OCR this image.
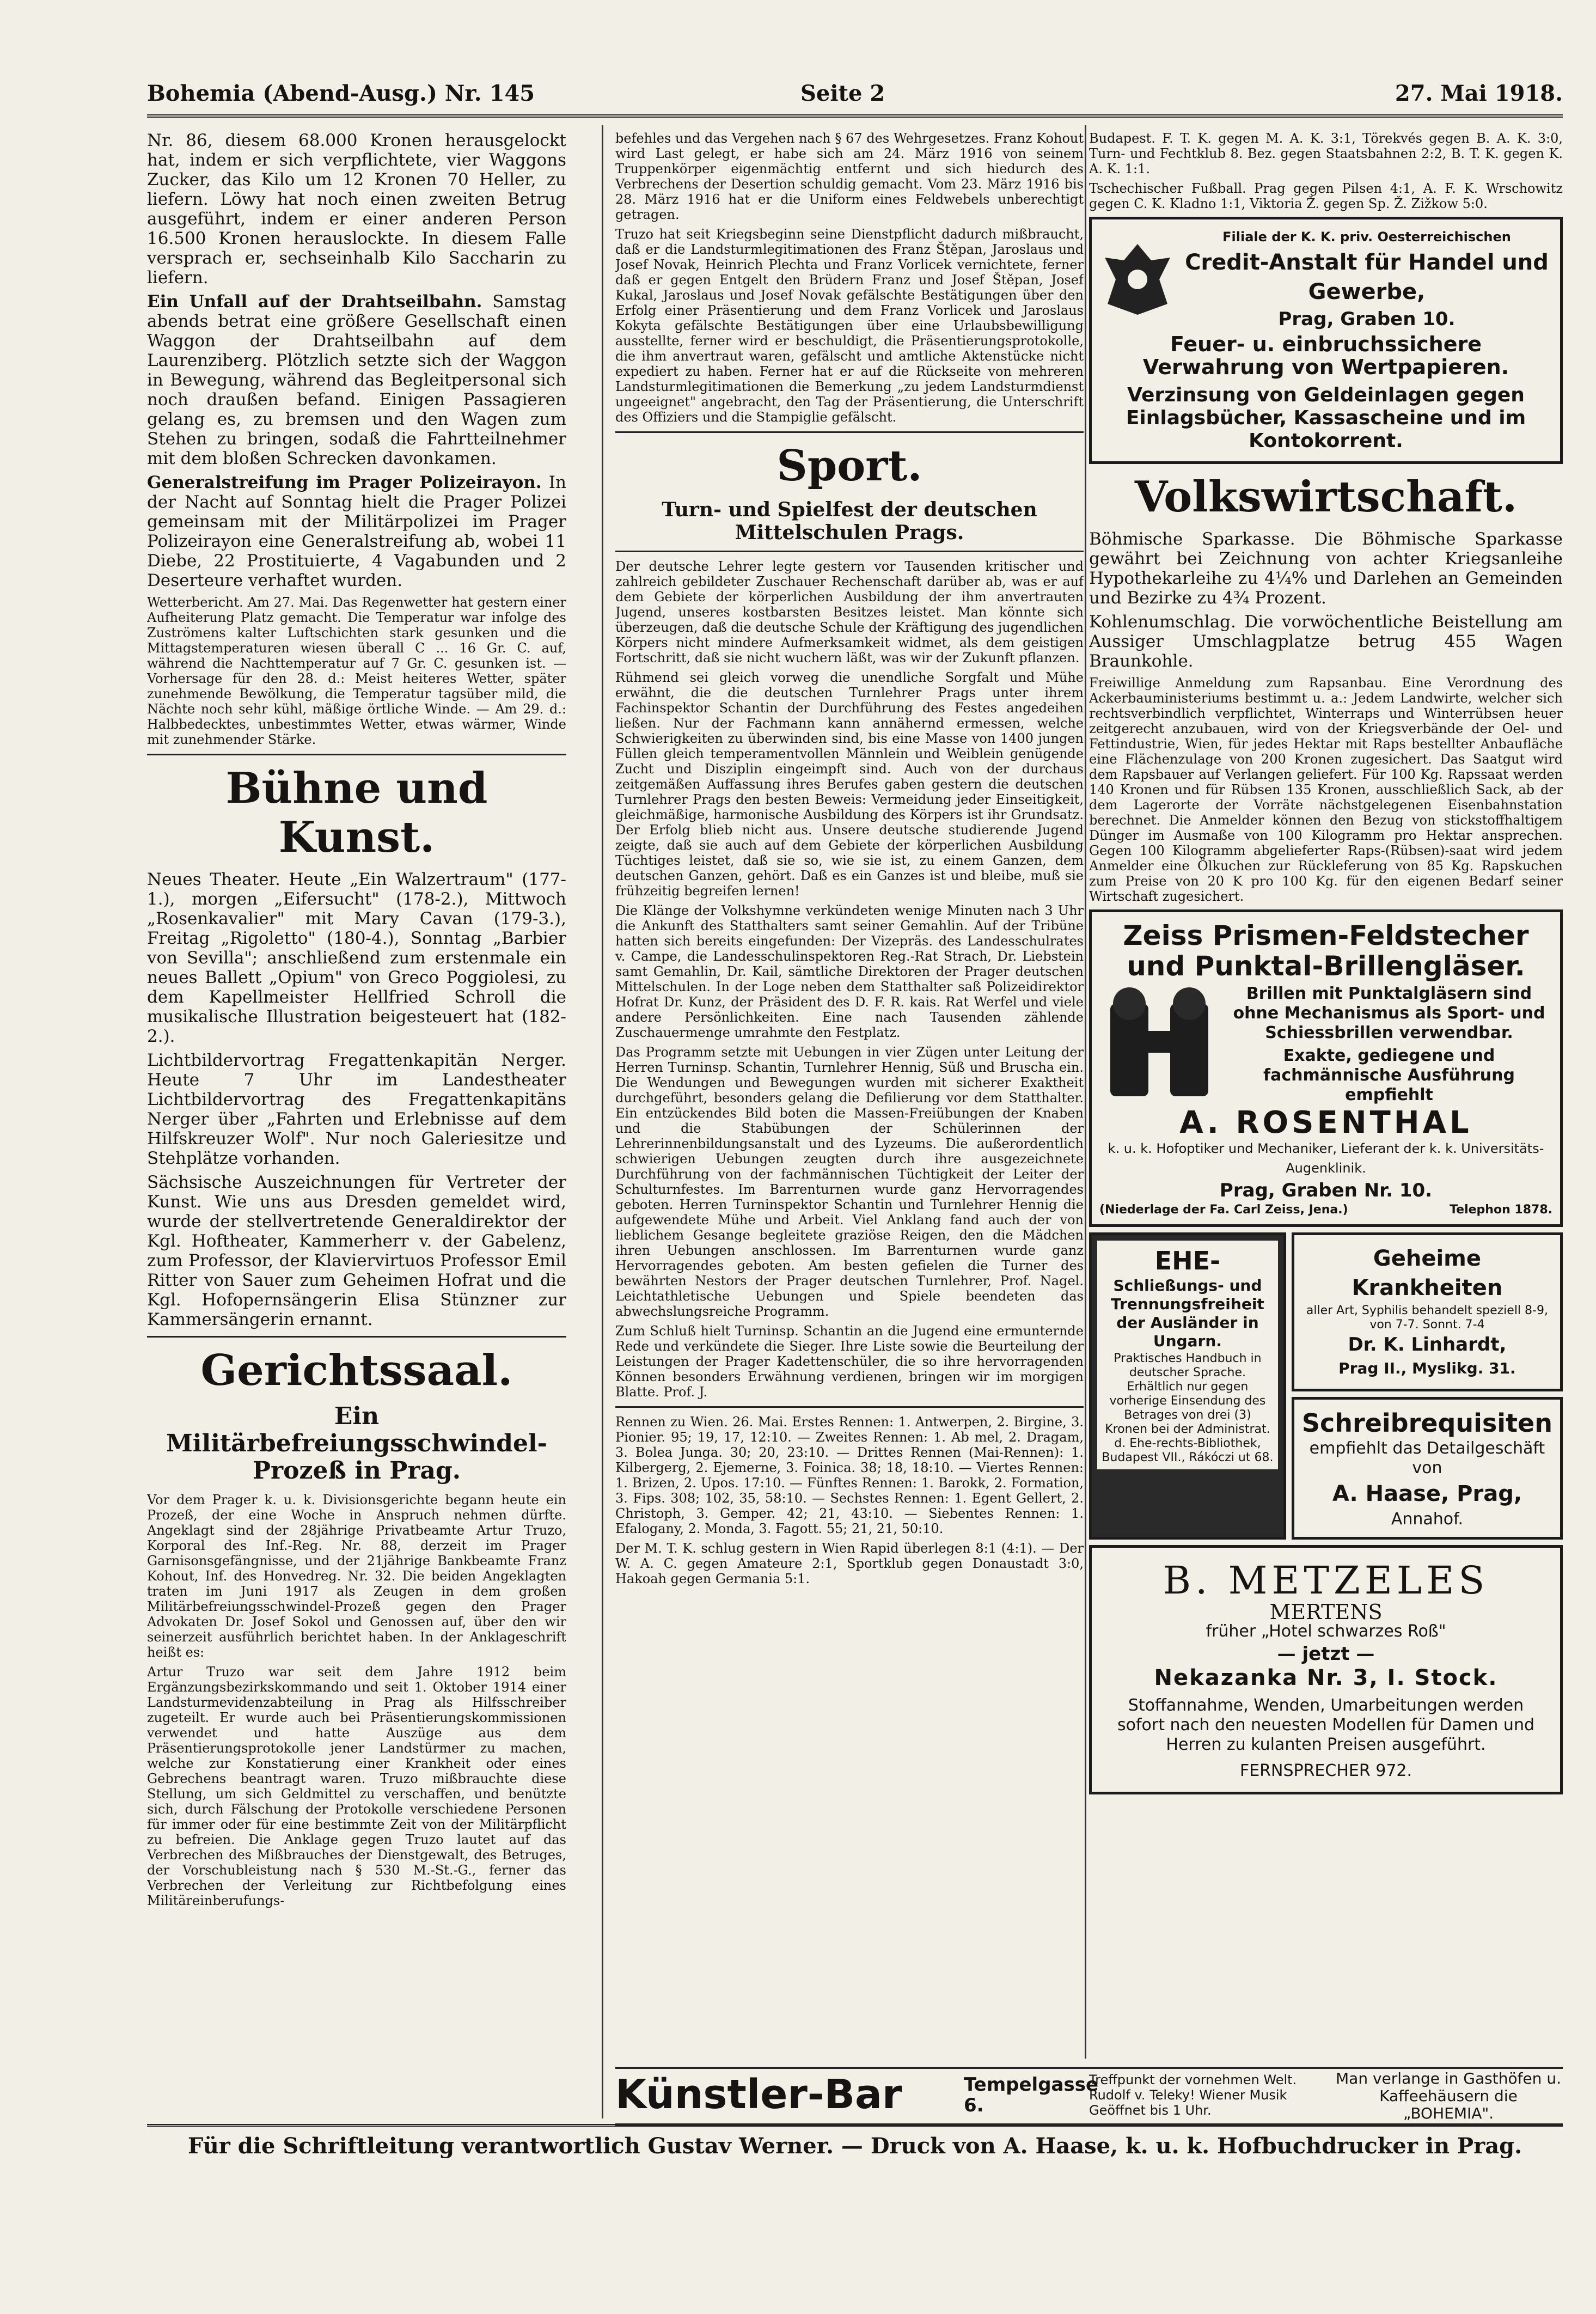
Bohemia (Abend-Ausg.) Nr. 145	Seite 2	27. Mai 1918.

Nr. 86, diesem 68.000 Kronen herausgelockt hat, indem er sich verpflichtete, vier Waggons Zucker, das Kilo um 12 Kronen 70 Heller, zu liefern. Löwy hat noch einen zweiten Betrug ausgeführt, indem er einer anderen Person 16.500 Kronen herauslockte. In diesem Falle versprach er, sechseinhalb Kilo Saccharin zu liefern.

Ein Unfall auf der Drahtseilbahn. Samstag abends betrat eine größere Gesellschaft einen Waggon der Drahtseilbahn auf dem Laurenziberg. Plötzlich setzte sich der Waggon in Bewegung, während das Begleitpersonal sich noch draußen befand. Einigen Passagieren gelang es, zu bremsen und den Wagen zum Stehen zu bringen, sodaß die Fahrtteilnehmer mit dem bloßen Schrecken davonkamen.

Generalstreifung im Prager Polizeirayon. In der Nacht auf Sonntag hielt die Prager Polizei gemeinsam mit der Militärpolizei im Prager Polizeirayon eine Generalstreifung ab, wobei 11 Diebe, 22 Prostituierte, 4 Vagabunden und 2 Deserteure verhaftet wurden.

Wetterbericht. Am 27. Mai. Das Regenwetter hat gestern einer Aufheiterung Platz gemacht. Die Temperatur war infolge des Zuströmens kalter Luftschichten stark gesunken und die Mittagstemperaturen wiesen überall C ... 16 Gr. C. auf, während die Nachttemperatur auf 7 Gr. C. gesunken ist. — Vorhersage für den 28. d.: Meist heiteres Wetter, später zunehmende Bewölkung, die Temperatur tagsüber mild, die Nächte noch sehr kühl, mäßige örtliche Winde. — Am 29. d.: Halbbedecktes, unbestimmtes Wetter, etwas wärmer, Winde mit zunehmender Stärke.

Bühne und Kunst.

Neues Theater. Heute „Ein Walzertraum" (177-1.), morgen „Eifersucht" (178-2.), Mittwoch „Rosenkavalier" mit Mary Cavan (179-3.), Freitag „Rigoletto" (180-4.), Sonntag „Barbier von Sevilla"; anschließend zum erstenmale ein neues Ballett „Opium" von Greco Poggiolesi, zu dem Kapellmeister Hellfried Schroll die musikalische Illustration beigesteuert hat (182-2.).

Lichtbildervortrag Fregattenkapitän Nerger. Heute 7 Uhr im Landestheater Lichtbildervortrag des Fregattenkapitäns Nerger über „Fahrten und Erlebnisse auf dem Hilfskreuzer Wolf". Nur noch Galeriesitze und Stehplätze vorhanden.

Sächsische Auszeichnungen für Vertreter der Kunst. Wie uns aus Dresden gemeldet wird, wurde der stellvertretende Generaldirektor der Kgl. Hoftheater, Kammerherr v. der Gabelenz, zum Professor, der Klaviervirtuos Professor Emil Ritter von Sauer zum Geheimen Hofrat und die Kgl. Hofopernsängerin Elisa Stünzner zur Kammersängerin ernannt.

Gerichtssaal.
Ein Militärbefreiungsschwindel-Prozeß in Prag.

Vor dem Prager k. u. k. Divisionsgerichte begann heute ein Prozeß, der eine Woche in Anspruch nehmen dürfte. Angeklagt sind der 28jährige Privatbeamte Artur Truzo, Korporal des Inf.-Reg. Nr. 88, derzeit im Prager Garnisonsgefängnisse, und der 21jährige Bankbeamte Franz Kohout, Inf. des Honvedreg. Nr. 32. Die beiden Angeklagten traten im Juni 1917 als Zeugen in dem großen Militärbefreiungsschwindel-Prozeß gegen den Prager Advokaten Dr. Josef Sokol und Genossen auf, über den wir seinerzeit ausführlich berichtet haben. In der Anklageschrift heißt es:

Artur Truzo war seit dem Jahre 1912 beim Ergänzungsbezirkskommando und seit 1. Oktober 1914 einer Landsturmevidenzabteilung in Prag als Hilfsschreiber zugeteilt. Er wurde auch bei Präsentierungskommissionen verwendet und hatte Auszüge aus dem Präsentierungsprotokolle jener Landstürmer zu machen, welche zur Konstatierung einer Krankheit oder eines Gebrechens beantragt waren. Truzo mißbrauchte diese Stellung, um sich Geldmittel zu verschaffen, und benützte sich, durch Fälschung der Protokolle verschiedene Personen für immer oder für eine bestimmte Zeit von der Militärpflicht zu befreien. Die Anklage gegen Truzo lautet auf das Verbrechen des Mißbrauches der Dienstgewalt, des Betruges, der Vorschubleistung nach § 530 M.-St.-G., ferner das Verbrechen der Verleitung zur Richtbefolgung eines Militäreinberufungs-

befehles und das Vergehen nach § 67 des Wehrgesetzes. Franz Kohout wird Last gelegt, er habe sich am 24. März 1916 von seinem Truppenkörper eigenmächtig entfernt und sich hiedurch des Verbrechens der Desertion schuldig gemacht. Vom 23. März 1916 bis 28. März 1916 hat er die Uniform eines Feldwebels unberechtigt getragen.

Truzo hat seit Kriegsbeginn seine Dienstpflicht dadurch mißbraucht, daß er die Landsturmlegitimationen des Franz Štěpan, Jaroslaus und Josef Novak, Heinrich Plechta und Franz Vorlicek vernichtete, ferner daß er gegen Entgelt den Brüdern Franz und Josef Štěpan, Josef Kukal, Jaroslaus und Josef Novak gefälschte Bestätigungen über den Erfolg einer Präsentierung und dem Franz Vorlicek und Jaroslaus Kokyta gefälschte Bestätigungen über eine Urlaubsbewilligung ausstellte, ferner wird er beschuldigt, die Präsentierungsprotokolle, die ihm anvertraut waren, gefälscht und amtliche Aktenstücke nicht expediert zu haben. Ferner hat er auf die Rückseite von mehreren Landsturmlegitimationen die Bemerkung „zu jedem Landsturmdienst ungeeignet" angebracht, den Tag der Präsentierung, die Unterschrift des Offiziers und die Stampiglie gefälscht.

Sport.
Turn- und Spielfest der deutschen Mittelschulen Prags.

Der deutsche Lehrer legte gestern vor Tausenden kritischer und zahlreich gebildeter Zuschauer Rechenschaft darüber ab, was er auf dem Gebiete der körperlichen Ausbildung der ihm anvertrauten Jugend, unseres kostbarsten Besitzes leistet. Man könnte sich überzeugen, daß die deutsche Schule der Kräftigung des jugendlichen Körpers nicht mindere Aufmerksamkeit widmet, als dem geistigen Fortschritt, daß sie nicht wuchern läßt, was wir der Zukunft pflanzen.

Rühmend sei gleich vorweg die unendliche Sorgfalt und Mühe erwähnt, die die deutschen Turnlehrer Prags unter ihrem Fachinspektor Schantin der Durchführung des Festes angedeihen ließen. Nur der Fachmann kann annähernd ermessen, welche Schwierigkeiten zu überwinden sind, bis eine Masse von 1400 jungen Füllen gleich temperamentvollen Männlein und Weiblein genügende Zucht und Disziplin eingeimpft sind. Auch von der durchaus zeitgemäßen Auffassung ihres Berufes gaben gestern die deutschen Turnlehrer Prags den besten Beweis: Vermeidung jeder Einseitigkeit, gleichmäßige, harmonische Ausbildung des Körpers ist ihr Grundsatz. Der Erfolg blieb nicht aus. Unsere deutsche studierende Jugend zeigte, daß sie auch auf dem Gebiete der körperlichen Ausbildung Tüchtiges leistet, daß sie so, wie sie ist, zu einem Ganzen, dem deutschen Ganzen, gehört. Daß es ein Ganzes ist und bleibe, muß sie frühzeitig begreifen lernen!

Die Klänge der Volkshymne verkündeten wenige Minuten nach 3 Uhr die Ankunft des Statthalters samt seiner Gemahlin. Auf der Tribüne hatten sich bereits eingefunden: Der Vizepräs. des Landesschulrates v. Campe, die Landesschulinspektoren Reg.-Rat Strach, Dr. Liebstein samt Gemahlin, Dr. Kail, sämtliche Direktoren der Prager deutschen Mittelschulen. In der Loge neben dem Statthalter saß Polizeidirektor Hofrat Dr. Kunz, der Präsident des D. F. R. kais. Rat Werfel und viele andere Persönlichkeiten. Eine nach Tausenden zählende Zuschauermenge umrahmte den Festplatz.

Das Programm setzte mit Uebungen in vier Zügen unter Leitung der Herren Turninsp. Schantin, Turnlehrer Hennig, Süß und Bruscha ein. Die Wendungen und Bewegungen wurden mit sicherer Exaktheit durchgeführt, besonders gelang die Defilierung vor dem Statthalter. Ein entzückendes Bild boten die Massen-Freiübungen der Knaben und die Stabübungen der Schülerinnen der Lehrerinnenbildungsanstalt und des Lyzeums. Die außerordentlich schwierigen Uebungen zeugten durch ihre ausgezeichnete Durchführung von der fachmännischen Tüchtigkeit der Leiter der Schulturnfestes. Im Barrenturnen wurde ganz Hervorragendes geboten. Herren Turninspektor Schantin und Turnlehrer Hennig die aufgewendete Mühe und Arbeit. Viel Anklang fand auch der von lieblichem Gesange begleitete graziöse Reigen, den die Mädchen ihren Uebungen anschlossen. Im Barrenturnen wurde ganz Hervorragendes geboten. Am besten gefielen die Turner des bewährten Nestors der Prager deutschen Turnlehrer, Prof. Nagel. Leichtathletische Uebungen und Spiele beendeten das abwechslungsreiche Programm.

Zum Schluß hielt Turninsp. Schantin an die Jugend eine ermunternde Rede und verkündete die Sieger. Ihre Liste sowie die Beurteilung der Leistungen der Prager Kadettenschüler, die so ihre hervorragenden Können besonders Erwähnung verdienen, bringen wir im morgigen Blatte. Prof. J.

Rennen zu Wien. 26. Mai. Erstes Rennen: 1. Antwerpen, 2. Birgine, 3. Pionier. 95; 19, 17, 12:10. — Zweites Rennen: 1. Ab mel, 2. Dragam, 3. Bolea Junga. 30; 20, 23:10. — Drittes Rennen (Mai-Rennen): 1. Kilbergerg, 2. Ejemerne, 3. Foinica. 38; 18, 18:10. — Viertes Rennen: 1. Brizen, 2. Upos. 17:10. — Fünftes Rennen: 1. Barokk, 2. Formation, 3. Fips. 308; 102, 35, 58:10. — Sechstes Rennen: 1. Egent Gellert, 2. Christoph, 3. Gemper. 42; 21, 43:10. — Siebentes Rennen: 1. Efalogany, 2. Monda, 3. Fagott. 55; 21, 21, 50:10.

Der M. T. K. schlug gestern in Wien Rapid überlegen 8:1 (4:1). — Der W. A. C. gegen Amateure 2:1, Sportklub gegen Donaustadt 3:0, Hakoah gegen Germania 5:1.

Budapest. F. T. K. gegen M. A. K. 3:1, Törekvés gegen B. A. K. 3:0, Turn- und Fechtklub 8. Bez. gegen Staatsbahnen 2:2, B. T. K. gegen K. A. K. 1:1.

Tschechischer Fußball. Prag gegen Pilsen 4:1, A. F. K. Wrschowitz gegen C. K. Kladno 1:1, Viktoria Ž. gegen Sp. Ž. Zižkow 5:0.

Filiale der K. K. priv. Oesterreichischen
Credit-Anstalt für Handel und Gewerbe,
Prag, Graben 10.
Feuer- u. einbruchssichere Verwahrung von Wertpapieren.
Verzinsung von Geldeinlagen gegen Einlagsbücher, Kassascheine und im Kontokorrent.
Volkswirtschaft.

Böhmische Sparkasse. Die Böhmische Sparkasse gewährt bei Zeichnung von achter Kriegsanleihe Hypothekarleihe zu 4¼% und Darlehen an Gemeinden und Bezirke zu 4¾ Prozent.

Kohlenumschlag. Die vorwöchentliche Beistellung am Aussiger Umschlagplatze betrug 455 Wagen Braunkohle.

Freiwillige Anmeldung zum Rapsanbau. Eine Verordnung des Ackerbauministeriums bestimmt u. a.: Jedem Landwirte, welcher sich rechtsverbindlich verpflichtet, Winterraps und Winterrübsen heuer zeitgerecht anzubauen, wird von der Kriegsverbände der Oel- und Fettindustrie, Wien, für jedes Hektar mit Raps bestellter Anbaufläche eine Flächenzulage von 200 Kronen zugesichert. Das Saatgut wird dem Rapsbauer auf Verlangen geliefert. Für 100 Kg. Rapssaat werden 140 Kronen und für Rübsen 135 Kronen, ausschließlich Sack, ab der dem Lagerorte der Vorräte nächstgelegenen Eisenbahnstation berechnet. Die Anmelder können den Bezug von stickstoffhaltigem Dünger im Ausmaße von 100 Kilogramm pro Hektar ansprechen. Gegen 100 Kilogramm abgelieferter Raps-(Rübsen)-saat wird jedem Anmelder eine Ölkuchen zur Rückleferung von 85 Kg. Rapskuchen zum Preise von 20 K pro 100 Kg. für den eigenen Bedarf seiner Wirtschaft zugesichert.

Zeiss Prismen-Feldstecher
und Punktal-Brillengläser.
Brillen mit Punktalgläsern sind ohne Mechanismus als Sport- und Schiessbrillen verwendbar.
Exakte, gediegene und fachmännische Ausführung empfiehlt
A. ROSENTHAL
k. u. k. Hofoptiker und Mechaniker, Lieferant der k. k. Universitäts-Augenklinik.
Prag, Graben Nr. 10.
(Niederlage der Fa. Carl Zeiss, Jena.)	Telephon 1878.
EHE-
Schließungs- und Trennungsfreiheit der Ausländer in Ungarn.
Praktisches Handbuch in deutscher Sprache. Erhältlich nur gegen vorherige Einsendung des Betrages von drei (3) Kronen bei der Administrat. d. Ehe-rechts-Bibliothek, Budapest VII., Rákóczi ut 68.
Geheime Krankheiten
aller Art, Syphilis behandelt speziell 8-9, von 7-7. Sonnt. 7-4
Dr. K. Linhardt,
Prag II., Myslikg. 31.
Schreibrequisiten
empfiehlt das Detailgeschäft von
A. Haase, Prag,
Annahof.
B. METZELES
MERTENS
früher „Hotel schwarzes Roß"
— jetzt —
Nekazanka Nr. 3, I. Stock.
Stoffannahme, Wenden, Umarbeitungen werden sofort nach den neuesten Modellen für Damen und Herren zu kulanten Preisen ausgeführt.
FERNSPRECHER 972.
Künstler-Bar	Tempelgasse 6.
Treffpunkt der vornehmen Welt. Rudolf v. Teleky! Wiener Musik Geöffnet bis 1 Uhr.
Man verlange in Gasthöfen u. Kaffeehäusern die „BOHEMIA".
Für die Schriftleitung verantwortlich Gustav Werner. — Druck von A. Haase, k. u. k. Hofbuchdrucker in Prag.
